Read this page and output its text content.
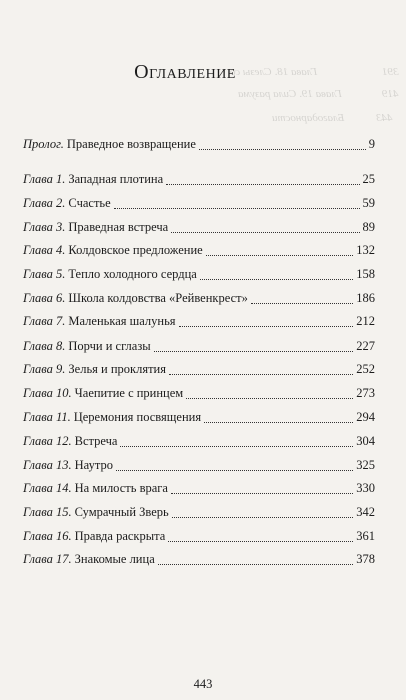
Глава 18. Слезы со	391
Глава 19. Сила разума	419
Благодарности	443
Оглавление
Пролог. Праведное возвращение	9
Глава 1. Западная плотина	25
Глава 2. Счастье	59
Глава 3. Праведная встреча	89
Глава 4. Колдовское предложение	132
Глава 5. Тепло холодного сердца	158
Глава 6. Школа колдовства «Рейвенкрест»	186
Глава 7. Маленькая шалунья	212
Глава 8. Порчи и сглазы	227
Глава 9. Зелья и проклятия	252
Глава 10. Чаепитие с принцем	273
Глава 11. Церемония посвящения	294
Глава 12. Встреча	304
Глава 13. Наутро	325
Глава 14. На милость врага	330
Глава 15. Сумрачный Зверь	342
Глава 16. Правда раскрыта	361
Глава 17. Знакомые лица	378
443
